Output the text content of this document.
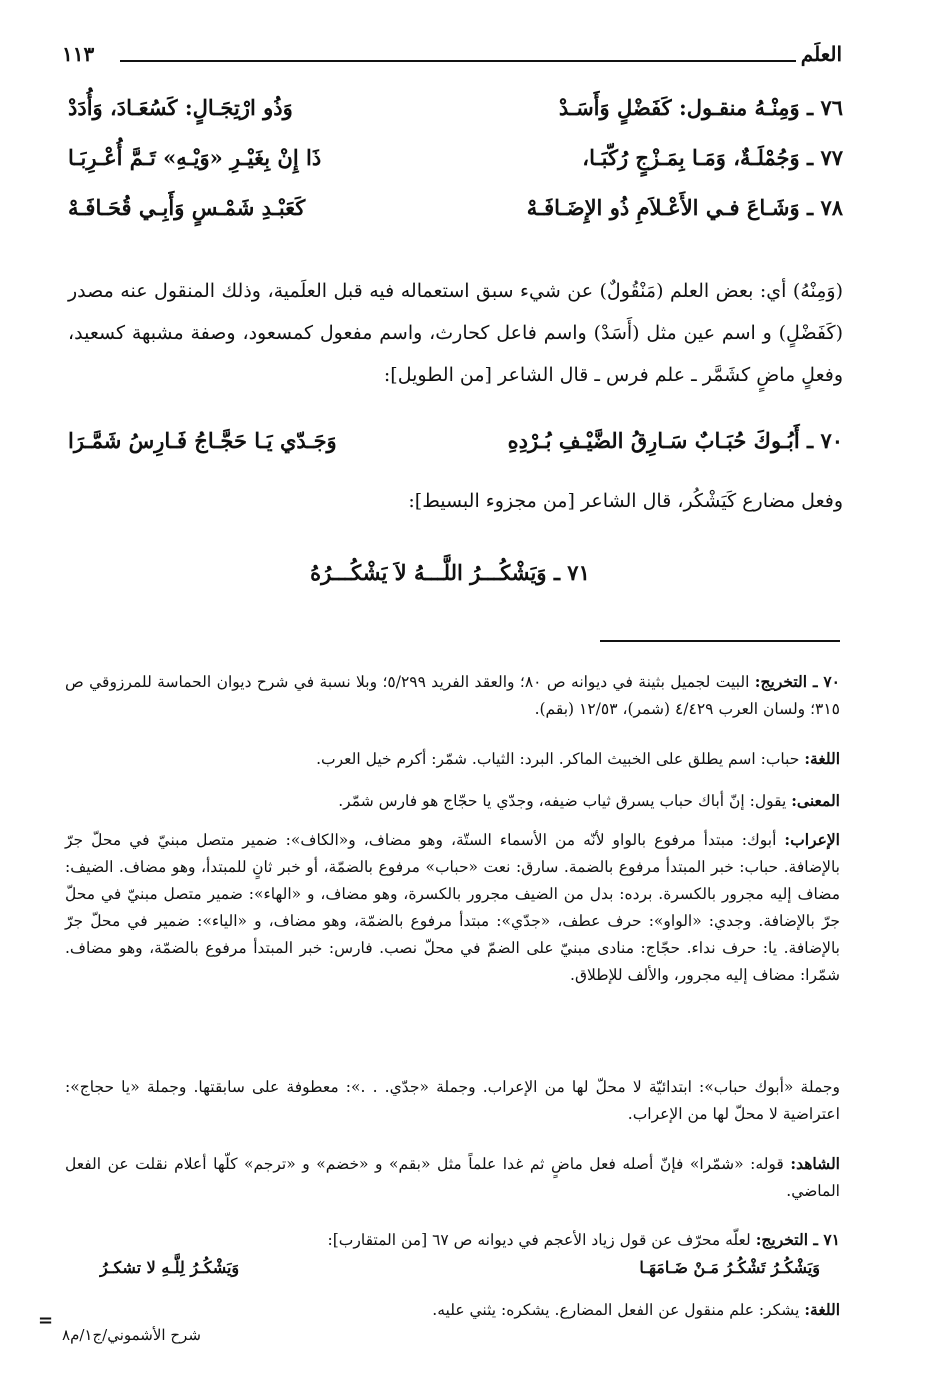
العلَم
١١٣
٧٦ ـ وَمِنْـهُ منقـول: كَفَضْلٍ وَأَسَـدْ
وَذُو ارْتِجَـالٍ: كَسُعَـادَ، وَأُدَدْ
٧٧ ـ وَجُمْلَـةٌ، وَمَـا بِمَـزْجٍ رُكّبَـا،
ذَا إِنْ بِغَيْـرِ «وَيْـهِ» تَـمَّ أُعْـرِبَـا
٧٨ ـ وَشَـاعَ فـي الأَعْـلاَمِ ذُو الإِضَـافَـهْ
كَعَبْـدِ شَمْـسٍ وَأَبِـي قُحَـافَـهْ

(وَمِنْهُ) أي: بعض العلم (مَنْقُولٌ) عن شيء سبق استعماله فيه قبل العلَمية، وذلك المنقول عنه مصدر (كَفَضْلٍ) و اسم عين مثل (أَسَدْ) واسم فاعل كحارث، واسم مفعول كمسعود، وصفة مشبهة كسعيد، وفعلٍ ماضٍ كشَمَّر ـ علم فرس ـ قال الشاعر [من الطويل]:

٧٠ ـ أَبُـوكَ حُبَـابٌ سَـارِقُ الضَّيْـفِ بُـرْدِهِ
وَجَـدّي يَـا حَجَّـاجُ فَـارِسُ شَمَّـرَا

وفعل مضارع كَيَشْكُر، قال الشاعر [من مجزوء البسيط]:

٧١ ـ وَيَشْكُـــرُ اللَّـــهُ لاَ يَشْكُـــرُهُ

٧٠ ـ التخريج: البيت لجميل بثينة في ديوانه ص ٨٠؛ والعقد الفريد ٥/٢٩٩؛ وبلا نسبة في شرح ديوان الحماسة للمرزوقي ص ٣١٥؛ ولسان العرب ٤/٤٢٩ (شمر)، ١٢/٥٣ (بقم).

اللغة: حباب: اسم يطلق على الخبيث الماكر. البرد: الثياب. شمّر: أكرم خيل العرب.

المعنى: يقول: إنّ أباك حباب يسرق ثياب ضيفه، وجدّي يا حجّاج هو فارس شمّر.

الإعراب: أبوك: مبتدأ مرفوع بالواو لأنّه من الأسماء الستّة، وهو مضاف، و«الكاف»: ضمير متصل مبنيّ في محلّ جرّ بالإضافة. حباب: خبر المبتدأ مرفوع بالضمة. سارق: نعت «حباب» مرفوع بالضمّة، أو خبر ثانٍ للمبتدأ، وهو مضاف. الضيف: مضاف إليه مجرور بالكسرة. برده: بدل من الضيف مجرور بالكسرة، وهو مضاف، و «الهاء»: ضمير متصل مبنيّ في محلّ جرّ بالإضافة. وجدي: «الواو»: حرف عطف، «جدّي»: مبتدأ مرفوع بالضمّة، وهو مضاف، و «الياء»: ضمير في محلّ جرّ بالإضافة. يا: حرف نداء. حجّاج: منادى مبنيّ على الضمّ في محلّ نصب. فارس: خبر المبتدأ مرفوع بالضمّة، وهو مضاف. شمّرا: مضاف إليه مجرور، والألف للإطلاق.

وجملة «أبوك حباب»: ابتدائيّة لا محلّ لها من الإعراب. وجملة «جدّي. . .»: معطوفة على سابقتها. وجملة «يا حجاج»: اعتراضية لا محلّ لها من الإعراب.

الشاهد: قوله: «شمّرا» فإنّ أصله فعل ماضٍ ثم غدا علماً مثل «بقم» و «خضم» و «ترجم» كلّها أعلام نقلت عن الفعل الماضي.

٧١ ـ التخريج: لعلّه محرّف عن قول زياد الأعجم في ديوانه ص ٦٧ [من المتقارب]:

وَيَشْكُـرُ تَشْكُـرُ مَـنْ ضَـامَهَـا
وَيَشْكُـرُ لِلَّـهِ لا تشكـرُ

اللغة: يشكر: علم منقول عن الفعل المضارع. يشكره: يثني عليه.

=
شرح الأشموني/ج١/م٨
